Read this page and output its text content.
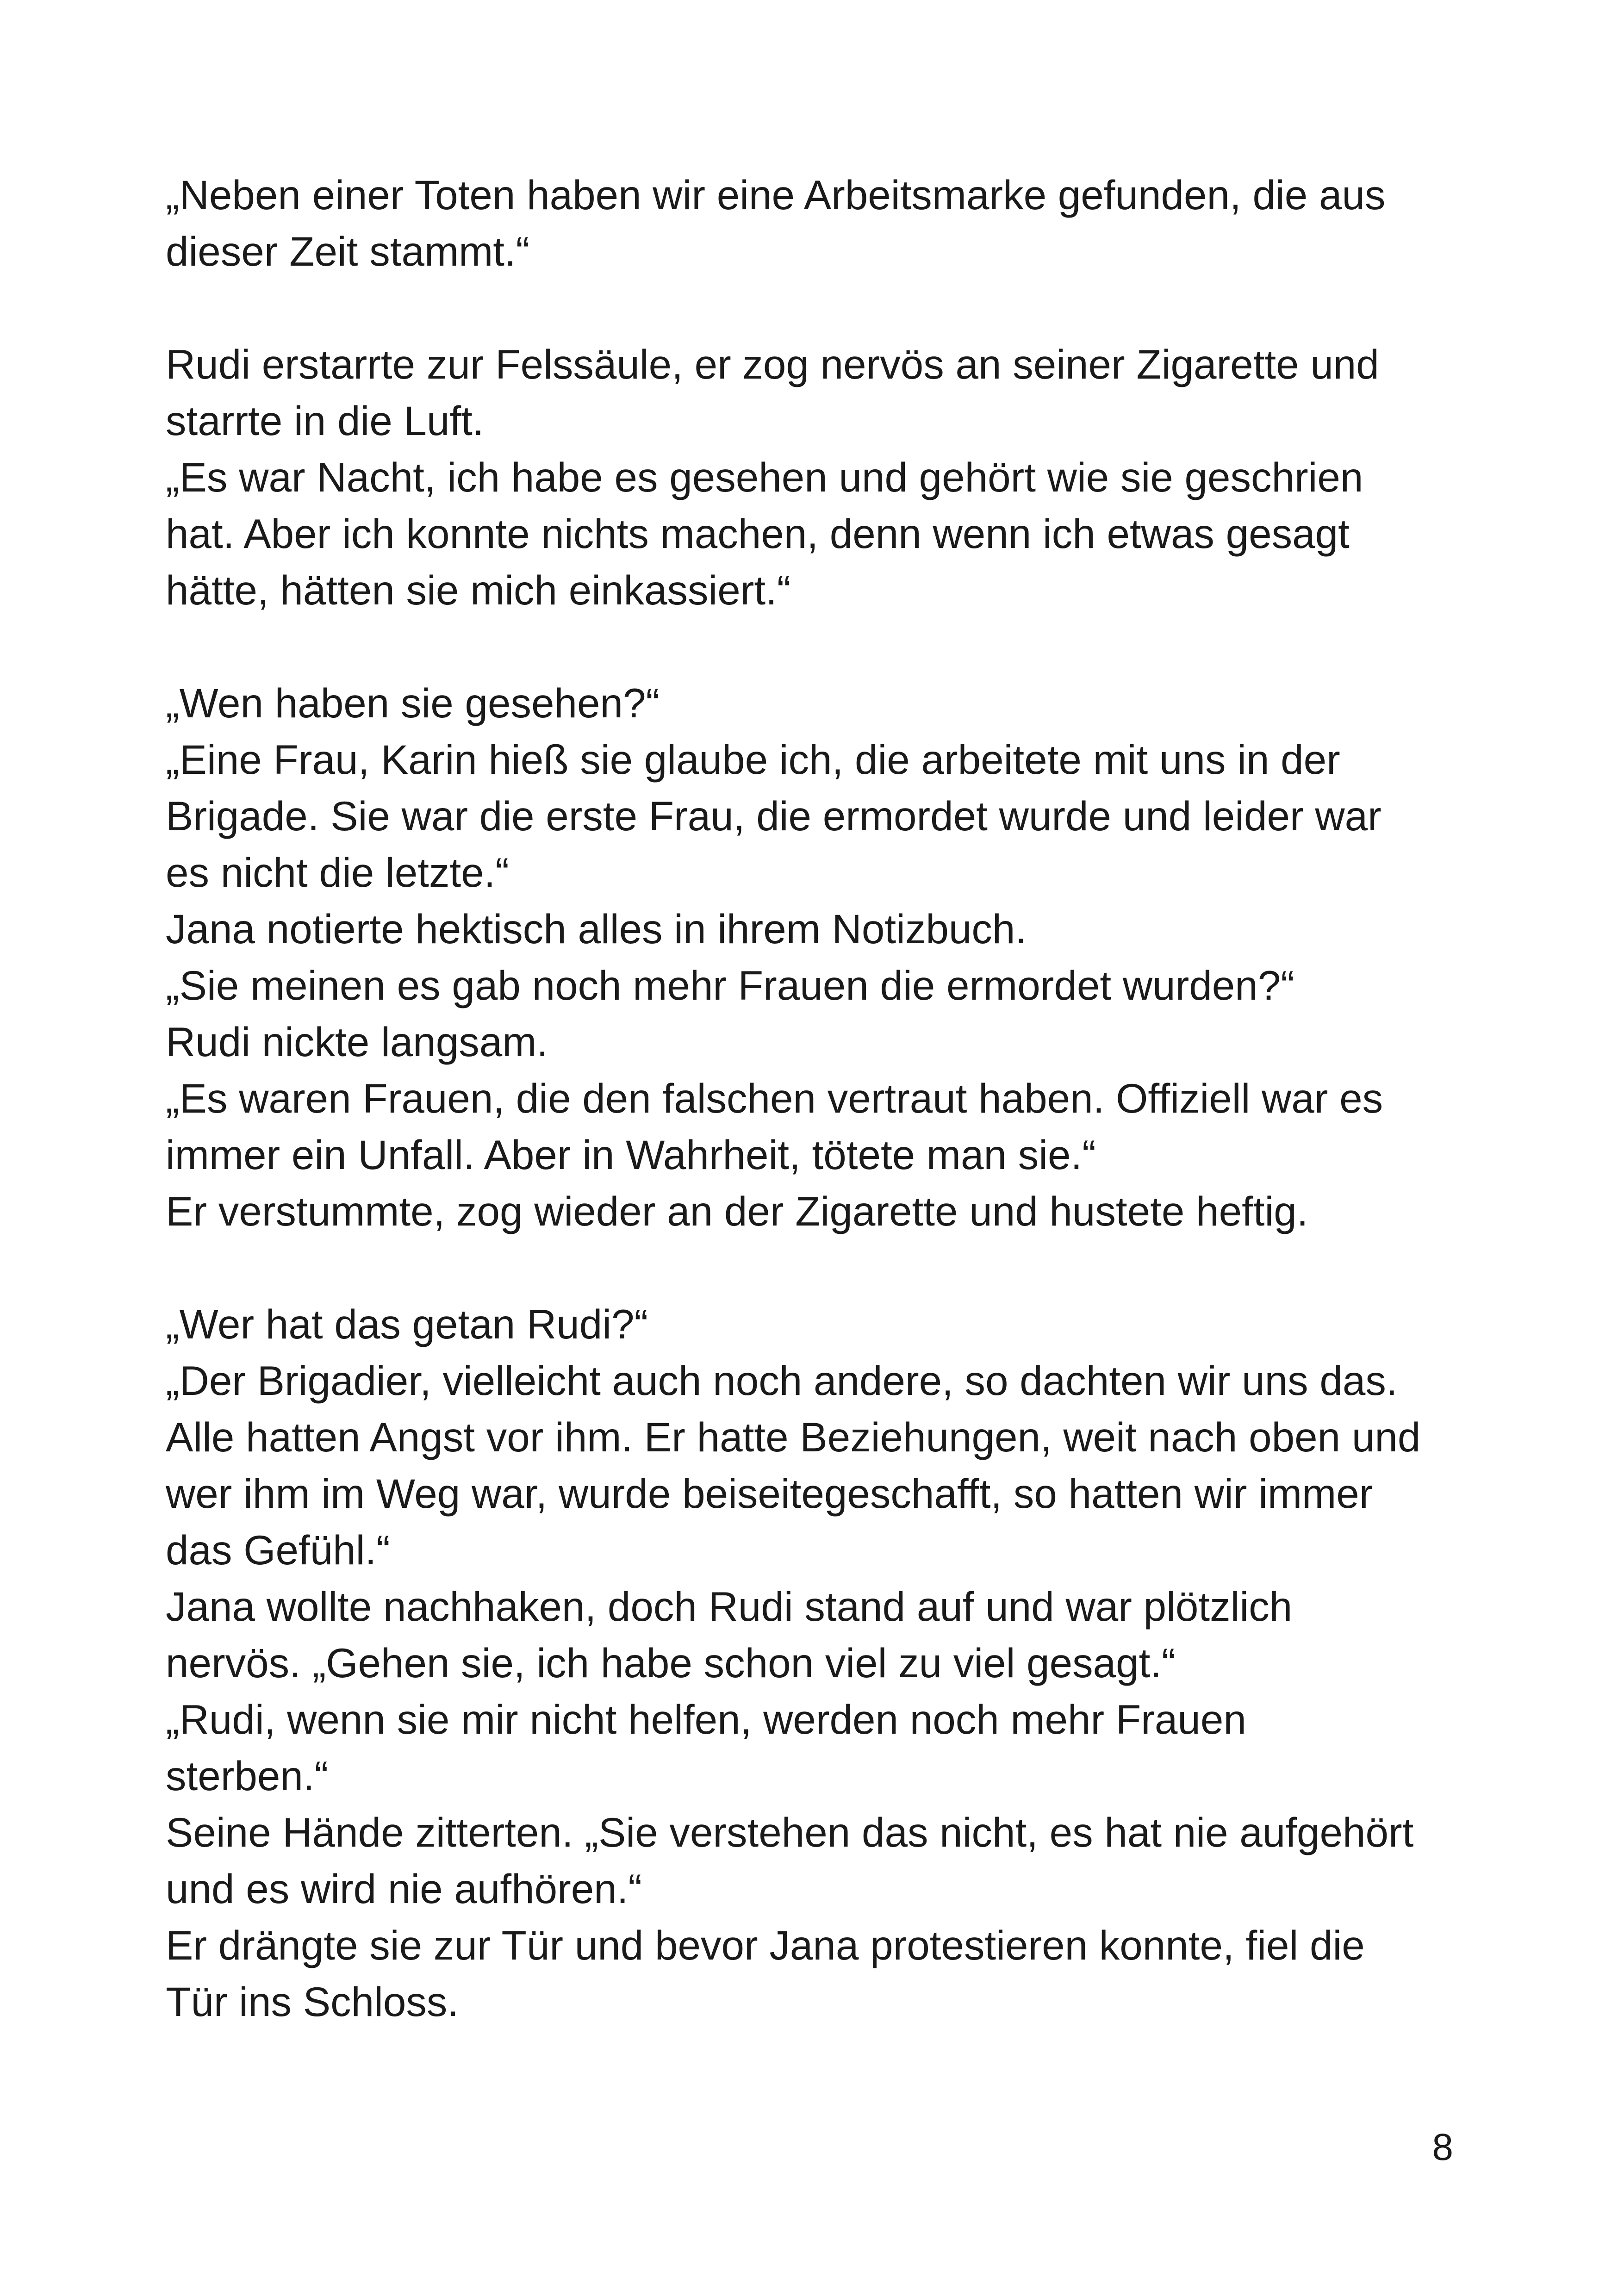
„Neben einer Toten haben wir eine Arbeitsmarke gefunden, die aus
dieser Zeit stammt.“
Rudi erstarrte zur Felssäule, er zog nervös an seiner Zigarette und
starrte in die Luft.
„Es war Nacht, ich habe es gesehen und gehört wie sie geschrien
hat. Aber ich konnte nichts machen, denn wenn ich etwas gesagt
hätte, hätten sie mich einkassiert.“
„Wen haben sie gesehen?“
„Eine Frau, Karin hieß sie glaube ich, die arbeitete mit uns in der
Brigade. Sie war die erste Frau, die ermordet wurde und leider war
es nicht die letzte.“
Jana notierte hektisch alles in ihrem Notizbuch.
„Sie meinen es gab noch mehr Frauen die ermordet wurden?“
Rudi nickte langsam.
„Es waren Frauen, die den falschen vertraut haben. Offiziell war es
immer ein Unfall. Aber in Wahrheit, tötete man sie.“
Er verstummte, zog wieder an der Zigarette und hustete heftig.
„Wer hat das getan Rudi?“
„Der Brigadier, vielleicht auch noch andere, so dachten wir uns das.
Alle hatten Angst vor ihm. Er hatte Beziehungen, weit nach oben und
wer ihm im Weg war, wurde beiseitegeschafft, so hatten wir immer
das Gefühl.“
Jana wollte nachhaken, doch Rudi stand auf und war plötzlich
nervös. „Gehen sie, ich habe schon viel zu viel gesagt.“
„Rudi, wenn sie mir nicht helfen, werden noch mehr Frauen
sterben.“
Seine Hände zitterten. „Sie verstehen das nicht, es hat nie aufgehört
und es wird nie aufhören.“
Er drängte sie zur Tür und bevor Jana protestieren konnte, fiel die
Tür ins Schloss.
8
